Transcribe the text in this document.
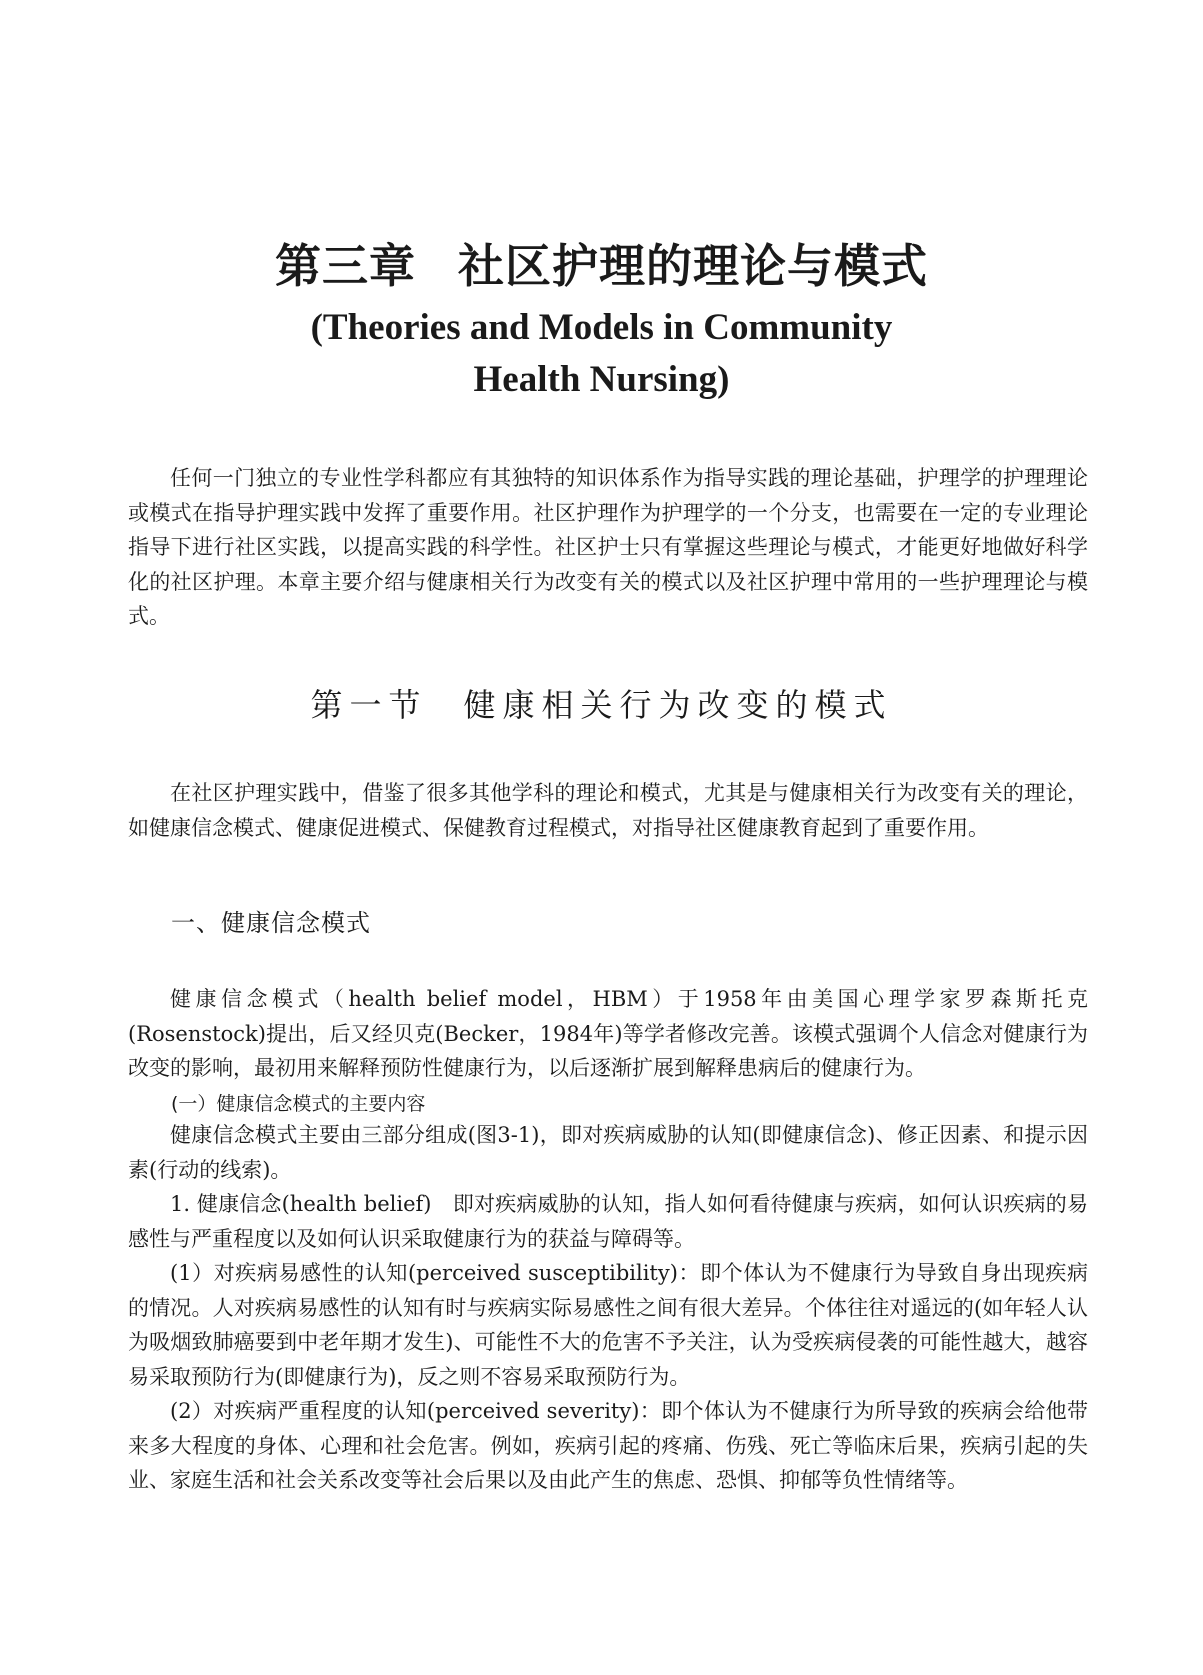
第三章 社区护理的理论与模式
(Theories and Models in Community
Health Nursing)

任何一门独立的专业性学科都应有其独特的知识体系作为指导实践的理论基础，护理学的护理理论或模式在指导护理实践中发挥了重要作用。社区护理作为护理学的一个分支，也需要在一定的专业理论指导下进行社区实践，以提高实践的科学性。社区护士只有掌握这些理论与模式，才能更好地做好科学化的社区护理。本章主要介绍与健康相关行为改变有关的模式以及社区护理中常用的一些护理理论与模式。

第一节 健康相关行为改变的模式

在社区护理实践中，借鉴了很多其他学科的理论和模式，尤其是与健康相关行为改变有关的理论，如健康信念模式、健康促进模式、保健教育过程模式，对指导社区健康教育起到了重要作用。

一、健康信念模式

健康信念模式（health belief model，HBM）于1958年由美国心理学家罗森斯托克(Rosenstock)提出，后又经贝克(Becker，1984年)等学者修改完善。该模式强调个人信念对健康行为改变的影响，最初用来解释预防性健康行为，以后逐渐扩展到解释患病后的健康行为。

(一）健康信念模式的主要内容

健康信念模式主要由三部分组成(图3-1)，即对疾病威胁的认知(即健康信念)、修正因素、和提示因素(行动的线索)。

1. 健康信念(health belief)　即对疾病威胁的认知，指人如何看待健康与疾病，如何认识疾病的易感性与严重程度以及如何认识采取健康行为的获益与障碍等。

(1）对疾病易感性的认知(perceived susceptibility)：即个体认为不健康行为导致自身出现疾病的情况。人对疾病易感性的认知有时与疾病实际易感性之间有很大差异。个体往往对遥远的(如年轻人认为吸烟致肺癌要到中老年期才发生)、可能性不大的危害不予关注，认为受疾病侵袭的可能性越大，越容易采取预防行为(即健康行为)，反之则不容易采取预防行为。

(2）对疾病严重程度的认知(perceived severity)：即个体认为不健康行为所导致的疾病会给他带来多大程度的身体、心理和社会危害。例如，疾病引起的疼痛、伤残、死亡等临床后果，疾病引起的失业、家庭生活和社会关系改变等社会后果以及由此产生的焦虑、恐惧、抑郁等负性情绪等。
